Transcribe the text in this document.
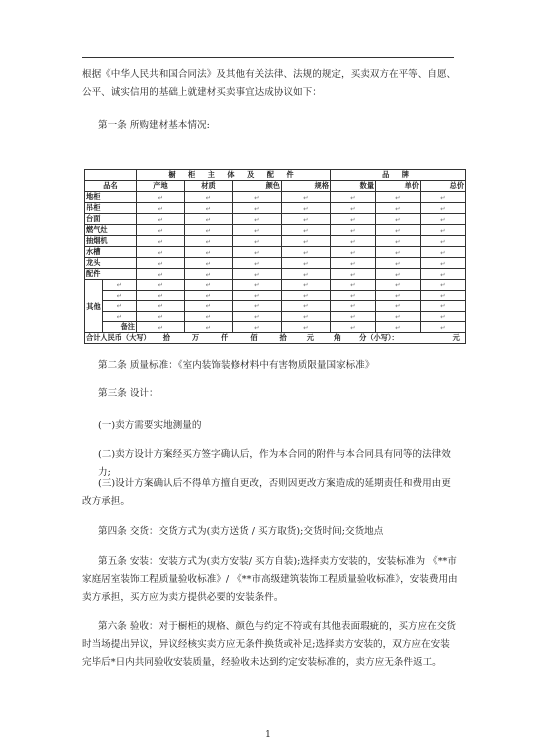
根据《中华人民共和国合同法》及其他有关法律、法规的规定，买卖双方在平等、自愿、公平、诚实信用的基础上就建材买卖事宜达成协议如下：

第一条 所购建材基本情况:

		橱 柜 主 体 及 配 件				品 牌		
品名		产地	材质	颜色	规格	数量	单价	总价
地柜		↵	↵	↵	↵	↵	↵	↵
吊柜		↵	↵	↵	↵	↵	↵	↵
台面		↵	↵	↵	↵	↵	↵	↵
燃气灶		↵	↵	↵	↵	↵	↵	↵
抽烟机		↵	↵	↵	↵	↵	↵	↵
水槽		↵	↵	↵	↵	↵	↵	↵
龙头		↵	↵	↵	↵	↵	↵	↵
配件		↵	↵	↵	↵	↵	↵	↵
其他	↵	↵	↵	↵	↵	↵	↵	↵
	↵	↵	↵	↵	↵	↵	↵	↵
	↵	↵	↵	↵	↵	↵	↵	↵
	↵	↵	↵	↵	↵	↵	↵	↵
	备注	↵	↵	↵	↵	↵	↵	↵
合计人民币（大写） 拾 万 仟 佰 拾 元 角 分（小写）： 元								

第二条 质量标准：《室内装饰装修材料中有害物质限量国家标准》

第三条 设计：

(一)卖方需要实地测量的

(二)卖方设计方案经买方签字确认后，作为本合同的附件与本合同具有同等的法律效力;

(三)设计方案确认后不得单方擅自更改，否则因更改方案造成的延期责任和费用由更改方承担。

第四条 交货：交货方式为(卖方送货 / 买方取货);交货时间;交货地点

第五条 安装：安装方式为(卖方安装/ 买方自装);选择卖方安装的，安装标准为 《**市家庭居室装饰工程质量验收标准》/ 《**市高级建筑装饰工程质量验收标准》，安装费用由卖方承担，买方应为卖方提供必要的安装条件。

第六条 验收：对于橱柜的规格、颜色与约定不符或有其他表面瑕疵的，买方应在交货时当场提出异议，异议经核实卖方应无条件换货或补足;选择卖方安装的，双方应在安装完毕后*日内共同验收安装质量，经验收未达到约定安装标准的，卖方应无条件返工。

1
